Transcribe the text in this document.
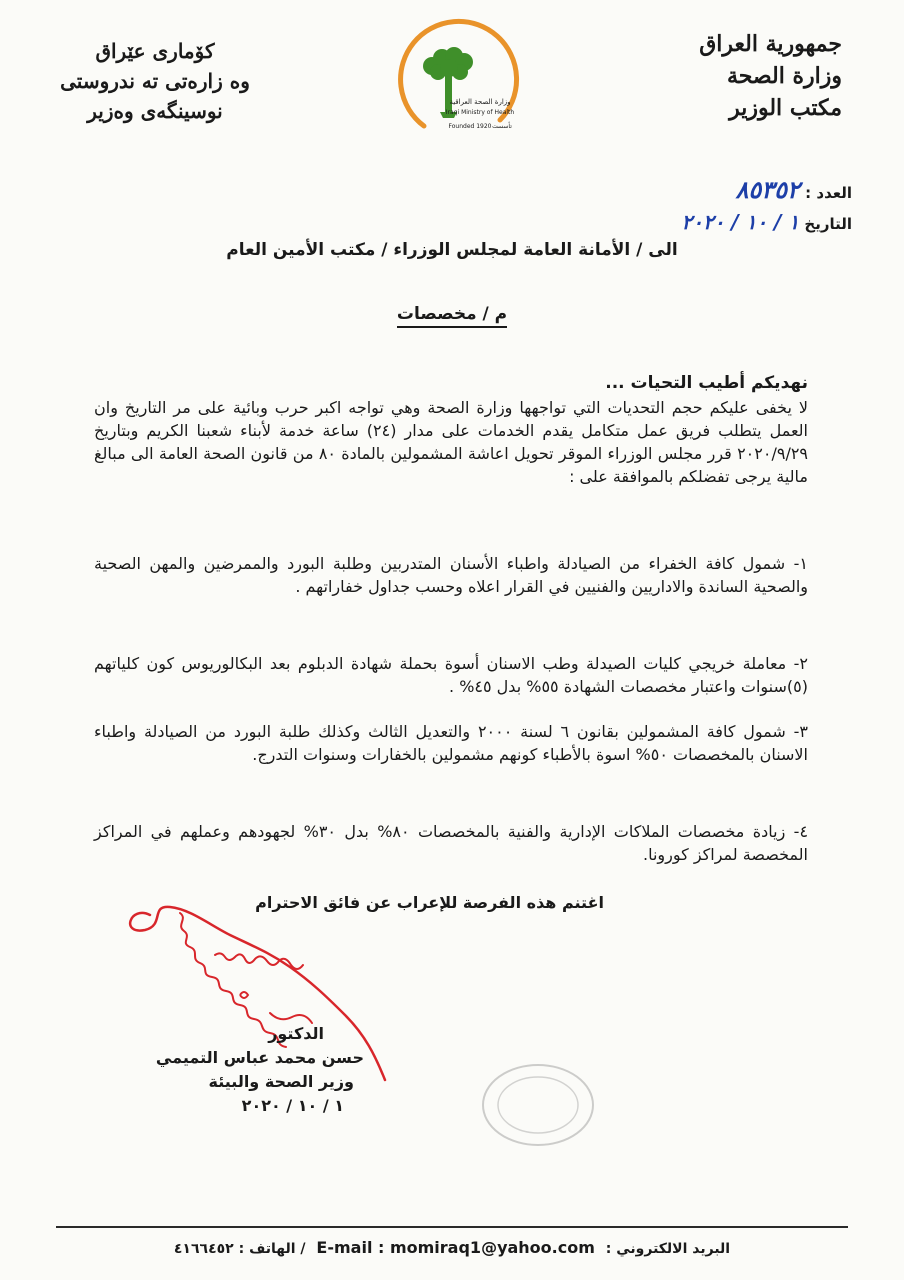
جمهورية العراق
وزارة الصحة
مكتب الوزير
كۆماری عێراق
وه زارەتی ته ندروستی
نوسینگەی وەزیر	وزارة الصحة العراقية
Iraqi Ministry of Health
Founded 1920 تأسست
العدد : ٨٥٣٥٢
التاريخ ١ / ١٠ / ٢٠٢٠
الى / الأمانة العامة لمجلس الوزراء / مكتب الأمين العام
م / مخصصات
نهديكم أطيب التحيات ...
لا يخفى عليكم حجم التحديات التي تواجهها وزارة الصحة وهي تواجه اكبر حرب وبائية على مر التاريخ وان العمل يتطلب فريق عمل متكامل يقدم الخدمات على مدار (٢٤) ساعة خدمة لأبناء شعبنا الكريم وبتاريخ ٢٠٢٠/٩/٢٩ قرر مجلس الوزراء الموقر تحويل اعاشة المشمولين بالمادة ٨٠ من قانون الصحة العامة الى مبالغ مالية يرجى تفضلكم بالموافقة على :
١- شمول كافة الخفراء من الصيادلة واطباء الأسنان المتدربين وطلبة البورد والممرضين والمهن الصحية والصحية الساندة والاداريين والفنيين في القرار اعلاه وحسب جداول خفاراتهم .
٢- معاملة خريجي كليات الصيدلة وطب الاسنان أسوة بحملة شهادة الدبلوم بعد البكالوريوس كون كلياتهم (٥)سنوات واعتبار مخصصات الشهادة ٥٥% بدل ٤٥% .
٣- شمول كافة المشمولين بقانون ٦ لسنة ٢٠٠٠ والتعديل الثالث وكذلك طلبة البورد من الصيادلة واطباء الاسنان بالمخصصات ٥٠% اسوة بالأطباء كونهم مشمولين بالخفارات وسنوات التدرج.
٤- زيادة مخصصات الملاكات الإدارية والفنية بالمخصصات ٨٠% بدل ٣٠% لجهودهم وعملهم في المراكز المخصصة لمراكز كورونا.
اغتنم هذه الفرصة للإعراب عن فائق الاحترام
الدكتور
حسن محمد عباس التميمي
وزير الصحة والبيئة
١ / ١٠ / ٢٠٢٠
البريد الالكتروني : E-mail : momiraq1@yahoo.com / الهاتف : ٤١٦٦٤٥٢
